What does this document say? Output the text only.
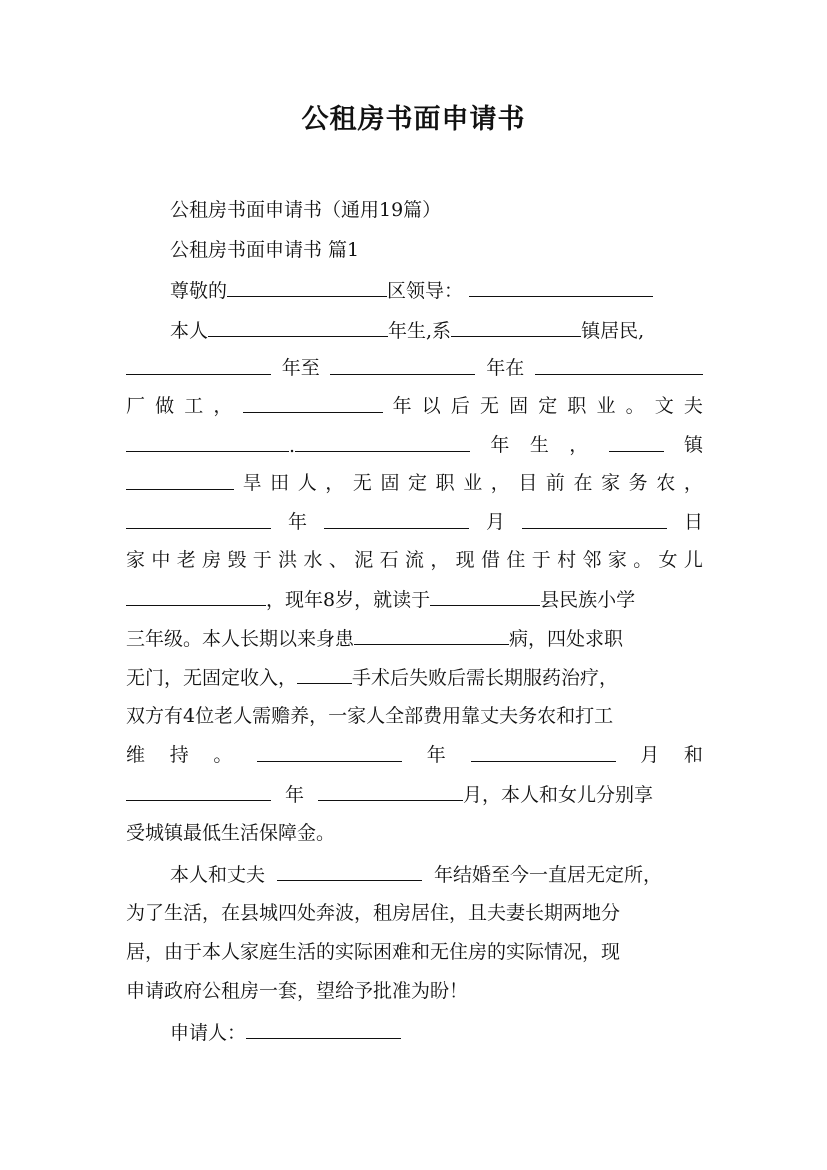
公租房书面申请书
公租房书面申请书（通用19篇）
公租房书面申请书 篇1
尊敬的	区领导：
本人	年生,系	镇居民,
年至	年在
厂 做 工 ，	年 以 后 无 固 定 职 业 。 文 夫
.	年 生 ，	镇
旱 田 人 ， 无 固 定 职 业 ， 目 前 在 家 务 农 ，
年	月	日
家 中 老 房 毁 于 洪 水 、 泥 石 流 ， 现 借 住 于 村 邻 家 。 女 儿
，现年8岁，就读于	县民族小学
三年级。本人长期以来身患	病，四处求职
无门，无固定收入，	手术后失败后需长期服药治疗，
双方有4位老人需赡养，一家人全部费用靠丈夫务农和打工
维 持 。	年	月 和
年	月，本人和女儿分别享
受城镇最低生活保障金。
本人和丈夫	年结婚至今一直居无定所，
为了生活，在县城四处奔波，租房居住，且夫妻长期两地分
居，由于本人家庭生活的实际困难和无住房的实际情况，现
申请政府公租房一套，望给予批准为盼！
申请人：
